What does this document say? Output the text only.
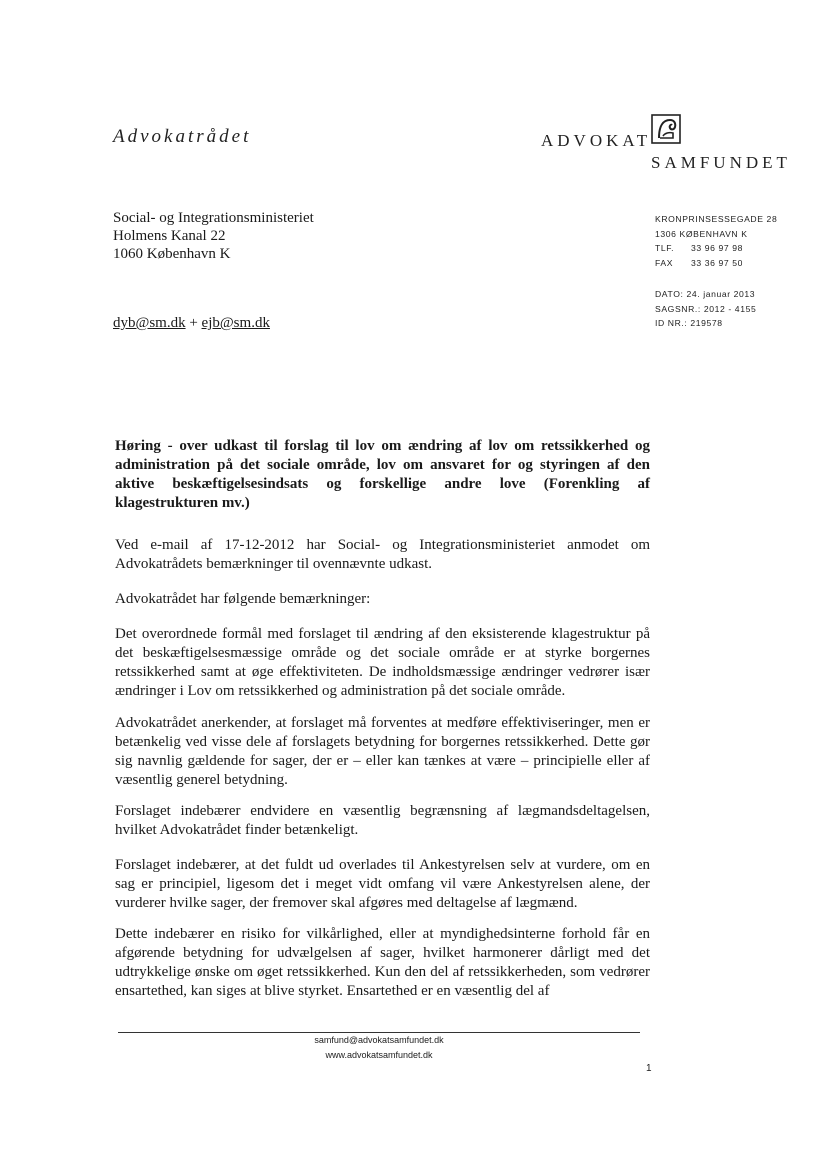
Advokatrådet	ADVOKAT
SAMFUNDET
Social- og Integrationsministeriet
Holmens Kanal 22
1060 København K
dyb@sm.dk + ejb@sm.dk
KRONPRINSESSEGADE 28
1306 KØBENHAVN K
TLF. 33 96 97 98
FAX 33 36 97 50
DATO: 24. januar 2013
SAGSNR.: 2012 - 4155
ID NR.: 219578
Høring - over udkast til forslag til lov om ændring af lov om retssikkerhed og administration på det sociale område, lov om ansvaret for og styringen af den aktive beskæftigelsesindsats og forskellige andre love (Forenkling af klagestrukturen mv.)

Ved e-mail af 17-12-2012 har Social- og Integrationsministeriet anmodet om Advokatrådets bemærkninger til ovennævnte udkast.

Advokatrådet har følgende bemærkninger:

Det overordnede formål med forslaget til ændring af den eksisterende klagestruktur på det beskæftigelsesmæssige område og det sociale område er at styrke borgernes retssikkerhed samt at øge effektiviteten. De indholdsmæssige ændringer vedrører især ændringer i Lov om retssikkerhed og administration på det sociale område.

Advokatrådet anerkender, at forslaget må forventes at medføre effektiviseringer, men er betænkelig ved visse dele af forslagets betydning for borgernes retssikkerhed. Dette gør sig navnlig gældende for sager, der er – eller kan tænkes at være – principielle eller af væsentlig generel betydning.

Forslaget indebærer endvidere en væsentlig begrænsning af lægmandsdeltagelsen, hvilket Advokatrådet finder betænkeligt.

Forslaget indebærer, at det fuldt ud overlades til Ankestyrelsen selv at vurdere, om en sag er principiel, ligesom det i meget vidt omfang vil være Ankestyrelsen alene, der vurderer hvilke sager, der fremover skal afgøres med deltagelse af lægmænd.

Dette indebærer en risiko for vilkårlighed, eller at myndighedsinterne forhold får en afgørende betydning for udvælgelsen af sager, hvilket harmonerer dårligt med det udtrykkelige ønske om øget retssikkerhed. Kun den del af retssikkerheden, som vedrører ensartethed, kan siges at blive styrket. Ensartethed er en væsentlig del af

samfund@advokatsamfundet.dk
www.advokatsamfundet.dk
1
